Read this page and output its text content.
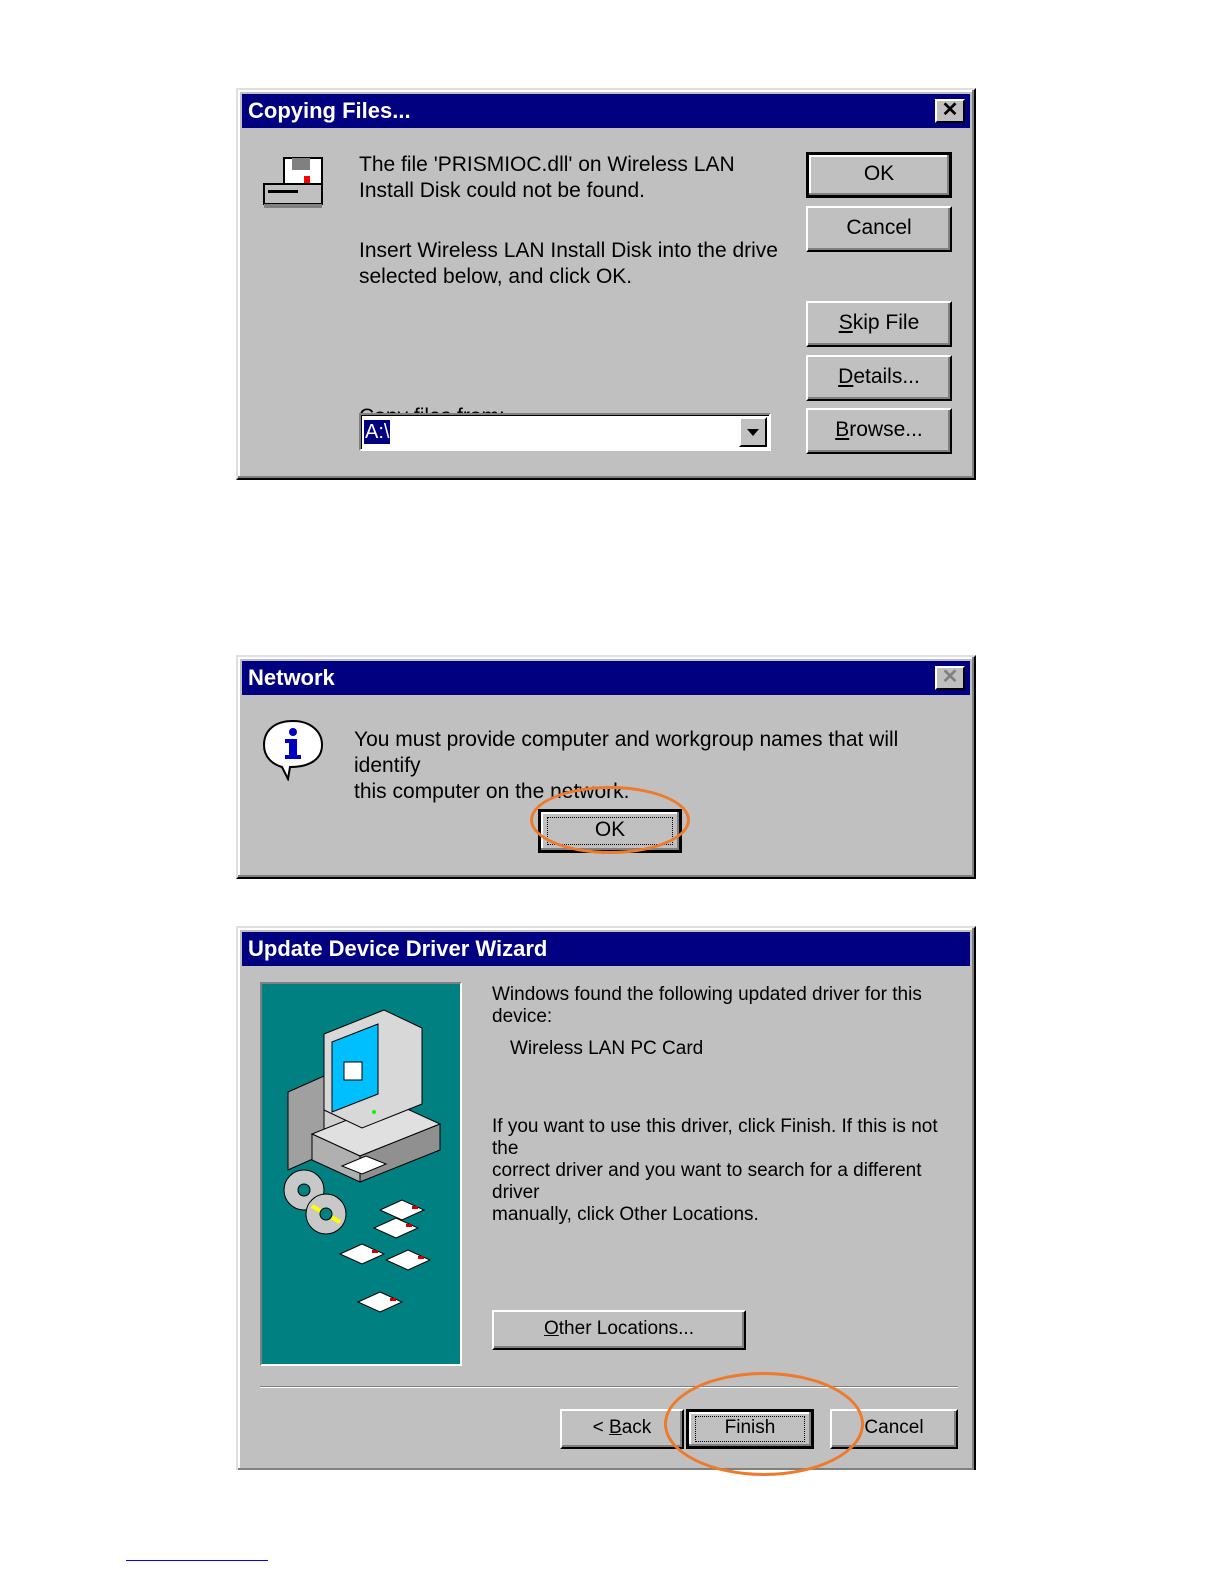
Copying Files...	✕
The file 'PRISMIOC.dll' on Wireless LAN
Install Disk could not be found.
Insert Wireless LAN Install Disk into the drive
selected below, and click OK.

A:\
OK
Cancel
Skip File
Details...
Browse...
Network	✕
You must provide computer and workgroup names that will identify
this computer on the network.
OK
Update Device Driver Wizard
Windows found the following updated driver for this
device:
Wireless LAN PC Card
If you want to use this driver, click Finish. If this is not the
correct driver and you want to search for a different driver
manually, click Other Locations.
Other Locations...
< Back	Finish	Cancel
